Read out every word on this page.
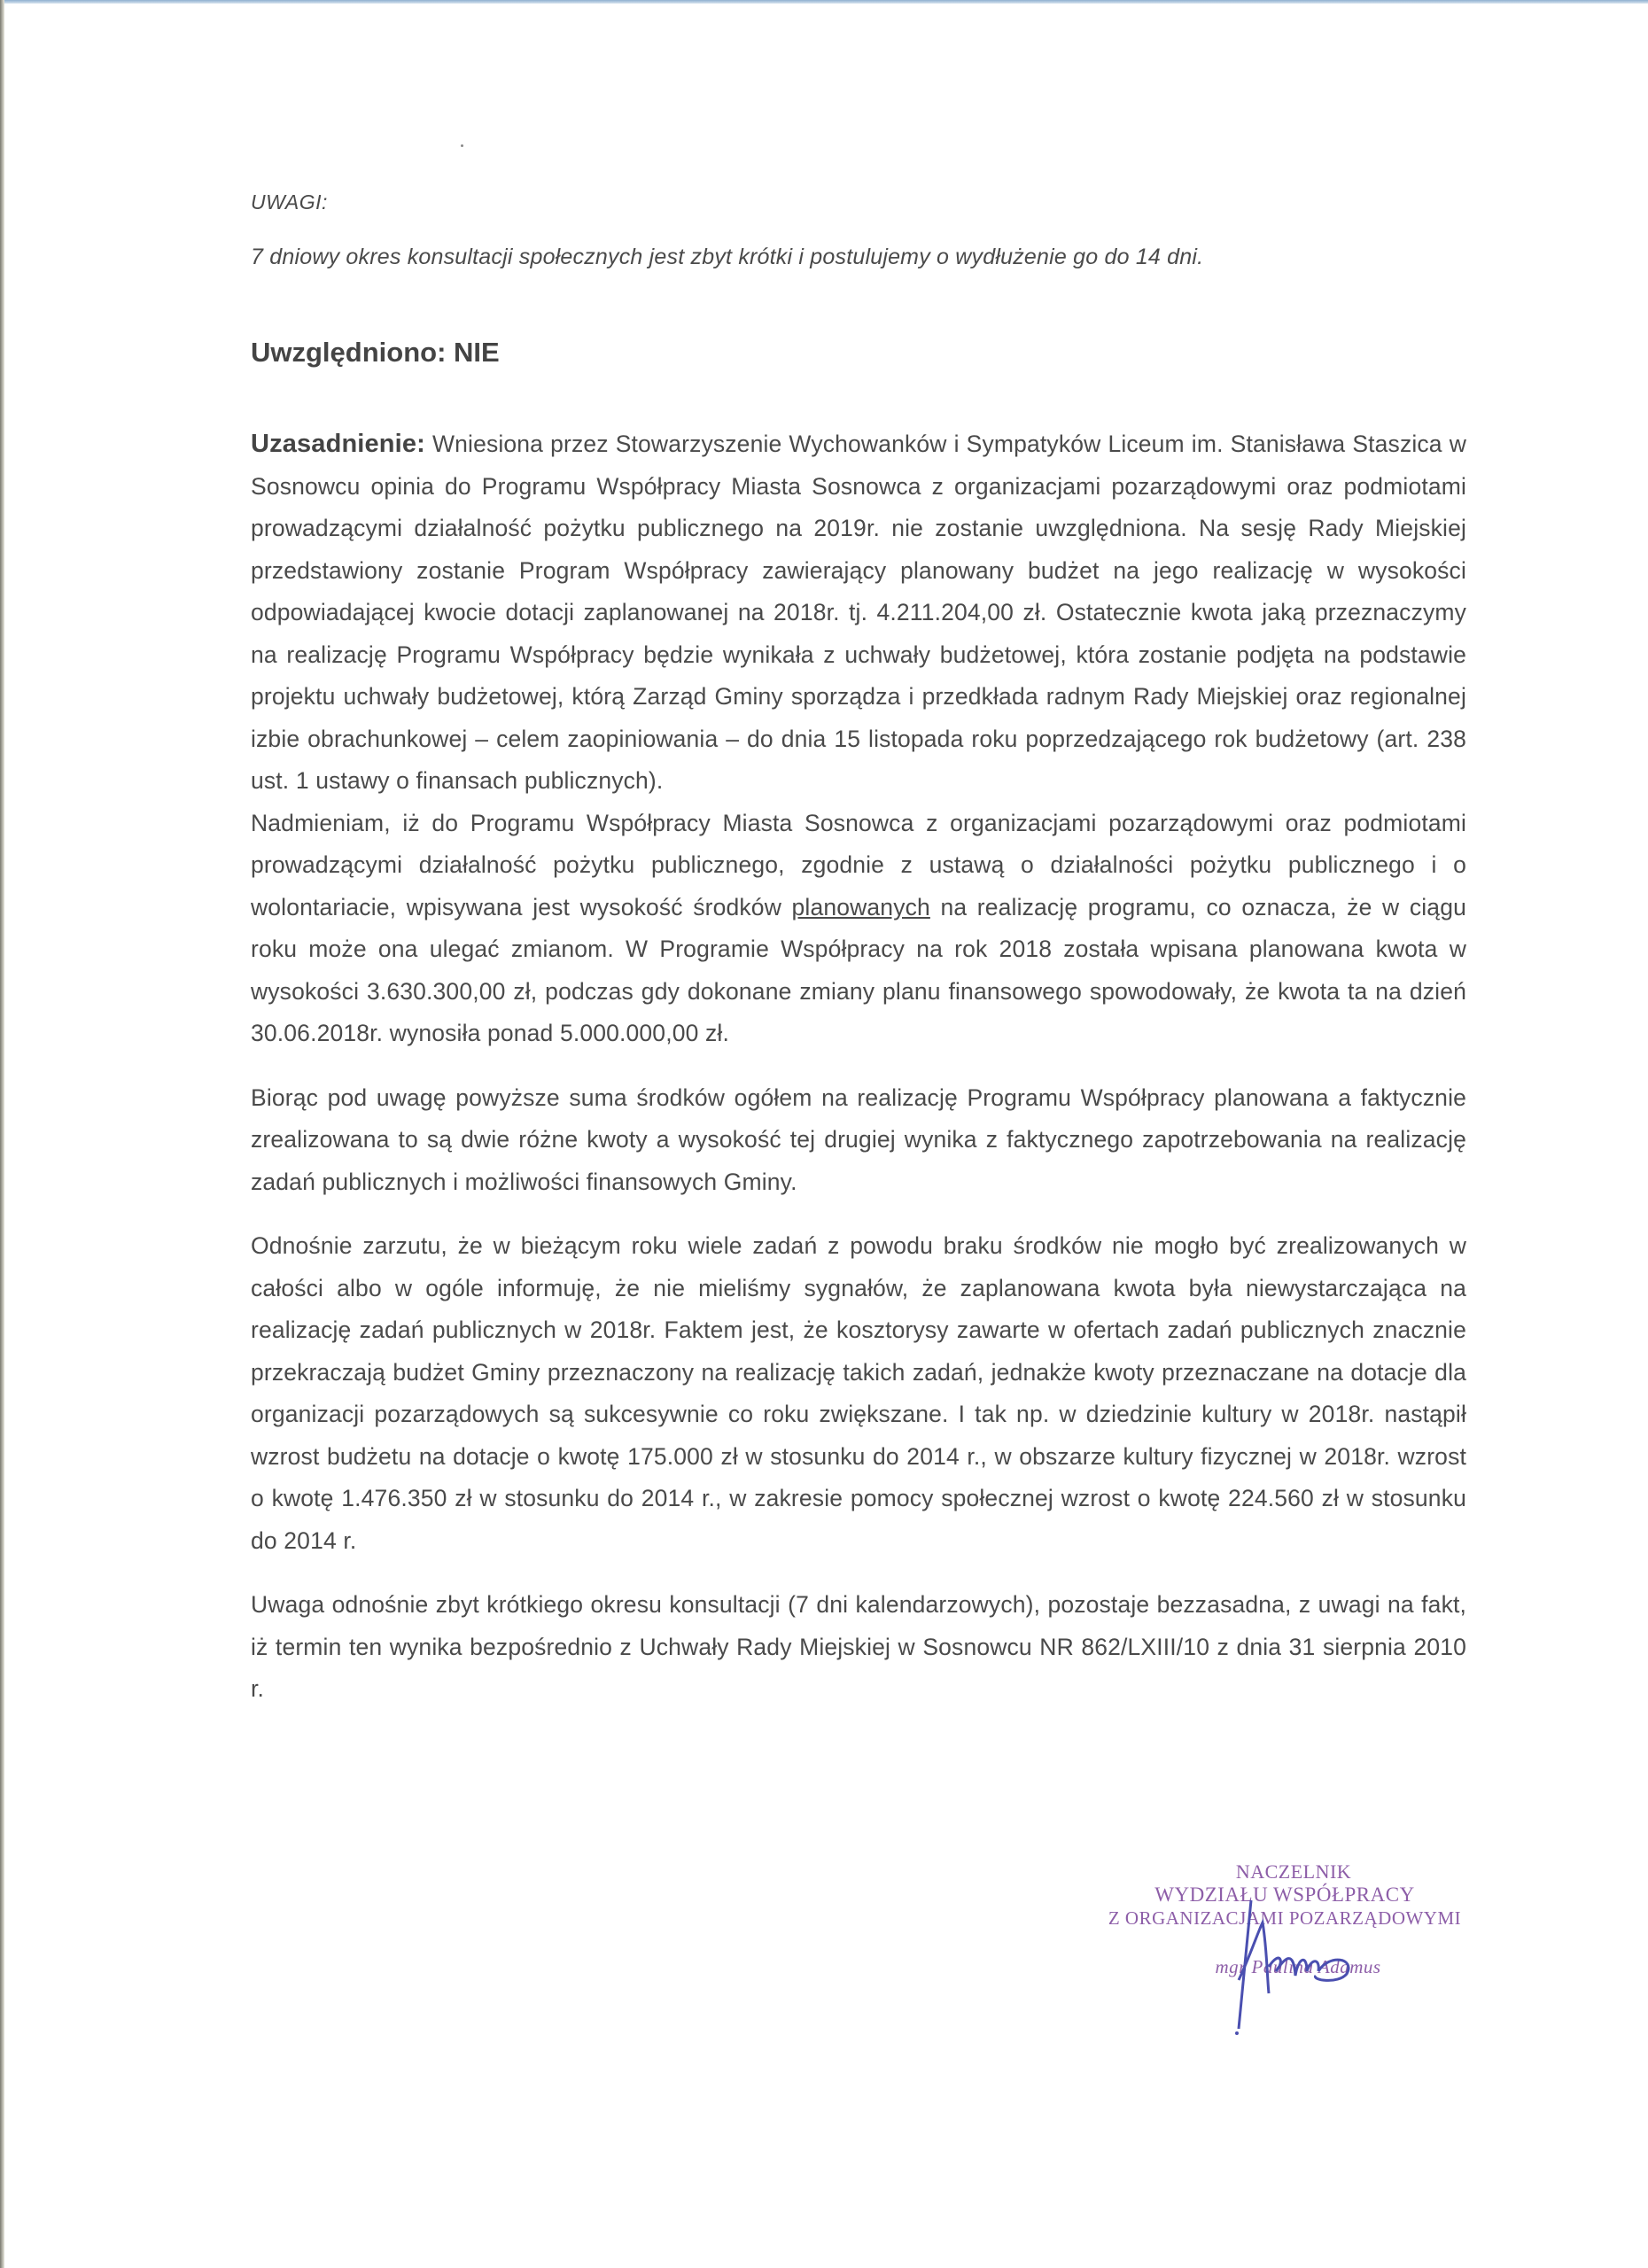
UWAGI:

7 dniowy okres konsultacji społecznych jest zbyt krótki i postulujemy o wydłużenie go do 14 dni.

Uwzględniono: NIE

Uzasadnienie: Wniesiona przez Stowarzyszenie Wychowanków i Sympatyków Liceum im. Stanisława Staszica w Sosnowcu opinia do Programu Współpracy Miasta Sosnowca z organizacjami pozarządowymi oraz podmiotami prowadzącymi działalność pożytku publicznego na 2019r. nie zostanie uwzględniona. Na sesję Rady Miejskiej przedstawiony zostanie Program Współpracy zawierający planowany budżet na jego realizację w wysokości odpowiadającej kwocie dotacji zaplanowanej na 2018r. tj. 4.211.204,00 zł. Ostatecznie kwota jaką przeznaczymy na realizację Programu Współpracy będzie wynikała z uchwały budżetowej, która zostanie podjęta na podstawie projektu uchwały budżetowej, którą Zarząd Gminy sporządza i przedkłada radnym Rady Miejskiej oraz regionalnej izbie obrachunkowej – celem zaopiniowania – do dnia 15 listopada roku poprzedzającego rok budżetowy (art. 238 ust. 1 ustawy o finansach publicznych).

Nadmieniam, iż do Programu Współpracy Miasta Sosnowca z organizacjami pozarządowymi oraz podmiotami prowadzącymi działalność pożytku publicznego, zgodnie z ustawą o działalności pożytku publicznego i o wolontariacie, wpisywana jest wysokość środków planowanych na realizację programu, co oznacza, że w ciągu roku może ona ulegać zmianom. W Programie Współpracy na rok 2018 została wpisana planowana kwota w wysokości 3.630.300,00 zł, podczas gdy dokonane zmiany planu finansowego spowodowały, że kwota ta na dzień 30.06.2018r. wynosiła ponad 5.000.000,00 zł.

Biorąc pod uwagę powyższe suma środków ogółem na realizację Programu Współpracy planowana a faktycznie zrealizowana to są dwie różne kwoty a wysokość tej drugiej wynika z faktycznego zapotrzebowania na realizację zadań publicznych i możliwości finansowych Gminy.

Odnośnie zarzutu, że w bieżącym roku wiele zadań z powodu braku środków nie mogło być zrealizowanych w całości albo w ogóle informuję, że nie mieliśmy sygnałów, że zaplanowana kwota była niewystarczająca na realizację zadań publicznych w 2018r. Faktem jest, że kosztorysy zawarte w ofertach zadań publicznych znacznie przekraczają budżet Gminy przeznaczony na realizację takich zadań, jednakże kwoty przeznaczane na dotacje dla organizacji pozarządowych są sukcesywnie co roku zwiększane. I tak np. w dziedzinie kultury w 2018r. nastąpił wzrost budżetu na dotacje o kwotę 175.000 zł w stosunku do 2014 r., w obszarze kultury fizycznej w 2018r. wzrost o kwotę 1.476.350 zł w stosunku do 2014 r., w zakresie pomocy społecznej wzrost o kwotę 224.560 zł w stosunku do 2014 r.

Uwaga odnośnie zbyt krótkiego okresu konsultacji (7 dni kalendarzowych), pozostaje bezzasadna, z uwagi na fakt, iż termin ten wynika bezpośrednio z Uchwały Rady Miejskiej w Sosnowcu NR 862/LXIII/10 z dnia 31 sierpnia 2010 r.

NACZELNIK
WYDZIAŁU WSPÓŁPRACY
Z ORGANIZACJAMI POZARZĄDOWYMI
mgr Paulina Adamus
